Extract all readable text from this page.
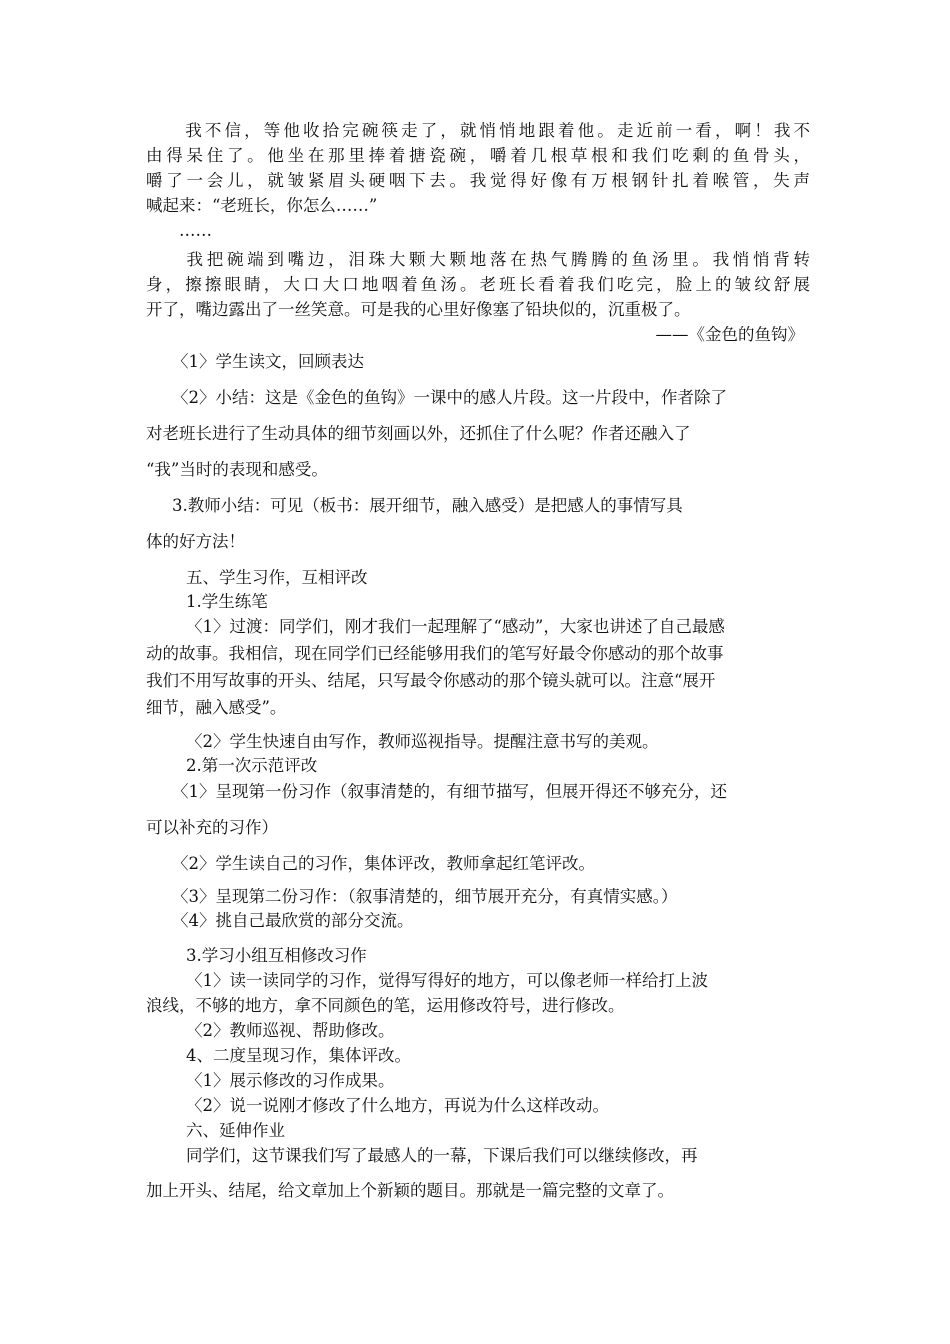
　　我不信，等他收拾完碗筷走了，就悄悄地跟着他。走近前一看，啊！我不
由得呆住了。他坐在那里捧着搪瓷碗，嚼着几根草根和我们吃剩的鱼骨头，
嚼了一会儿，就皱紧眉头硬咽下去。我觉得好像有万根钢针扎着喉管，失声
喊起来：“老班长，你怎么……”
　　……
　　我把碗端到嘴边，泪珠大颗大颗地落在热气腾腾的鱼汤里。我悄悄背转
身，擦擦眼睛，大口大口地咽着鱼汤。老班长看着我们吃完，脸上的皱纹舒展
开了，嘴边露出了一丝笑意。可是我的心里好像塞了铅块似的，沉重极了。
——《金色的鱼钩》
〈1〉学生读文，回顾表达
〈2〉小结：这是《金色的鱼钩》一课中的感人片段。这一片段中，作者除了
对老班长进行了生动具体的细节刻画以外，还抓住了什么呢？作者还融入了
“我”当时的表现和感受。
3.教师小结：可见（板书：展开细节，融入感受）是把感人的事情写具
体的好方法！
五、学生习作，互相评改
1.学生练笔
〈1〉过渡：同学们，刚才我们一起理解了“感动”，大家也讲述了自己最感
动的故事。我相信，现在同学们已经能够用我们的笔写好最令你感动的那个故事
我们不用写故事的开头、结尾，只写最令你感动的那个镜头就可以。注意“展开
细节，融入感受”。
〈2〉学生快速自由写作，教师巡视指导。提醒注意书写的美观。
2.第一次示范评改
〈1〉呈现第一份习作（叙事清楚的，有细节描写，但展开得还不够充分，还
可以补充的习作）
〈2〉学生读自己的习作，集体评改，教师拿起红笔评改。
〈3〉呈现第二份习作：（叙事清楚的，细节展开充分，有真情实感。）
〈4〉挑自己最欣赏的部分交流。
3.学习小组互相修改习作
〈1〉读一读同学的习作，觉得写得好的地方，可以像老师一样给打上波
浪线，不够的地方，拿不同颜色的笔，运用修改符号，进行修改。
〈2〉教师巡视、帮助修改。
4、二度呈现习作，集体评改。
〈1〉展示修改的习作成果。
〈2〉说一说刚才修改了什么地方，再说为什么这样改动。
六、延伸作业
同学们，这节课我们写了最感人的一幕，下课后我们可以继续修改，再
加上开头、结尾，给文章加上个新颖的题目。那就是一篇完整的文章了。
